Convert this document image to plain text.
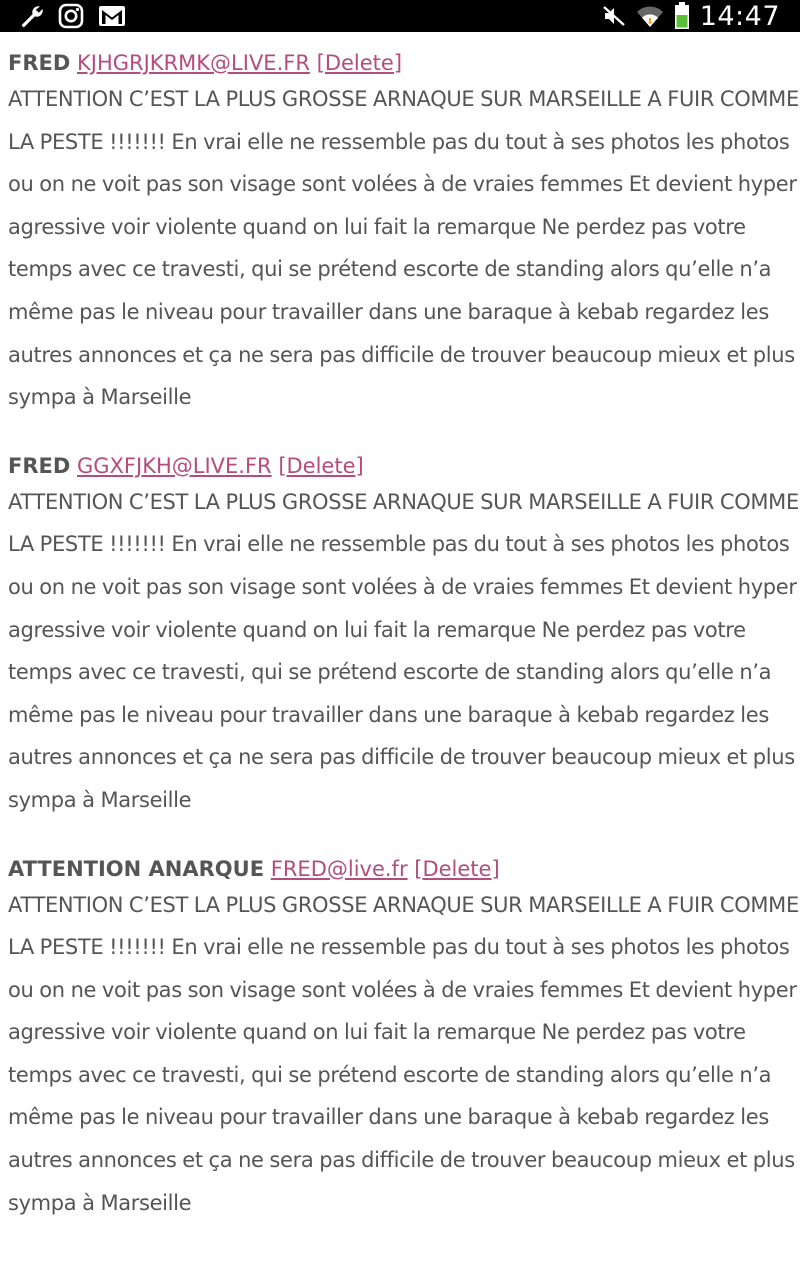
14:47
FRED KJHGRJKRMK@LIVE.FR [Delete]
ATTENTION C’EST LA PLUS GROSSE ARNAQUE SUR MARSEILLE A FUIR COMME LA PESTE !!!!!!! En vrai elle ne ressemble pas du tout à ses photos les photos ou on ne voit pas son visage sont volées à de vraies femmes Et devient hyper agressive voir violente quand on lui fait la remarque Ne perdez pas votre temps avec ce travesti, qui se prétend escorte de standing alors qu’elle n’a même pas le niveau pour travailler dans une baraque à kebab regardez les autres annonces et ça ne sera pas difficile de trouver beaucoup mieux et plus sympa à Marseille
FRED GGXFJKH@LIVE.FR [Delete]
ATTENTION C’EST LA PLUS GROSSE ARNAQUE SUR MARSEILLE A FUIR COMME LA PESTE !!!!!!! En vrai elle ne ressemble pas du tout à ses photos les photos ou on ne voit pas son visage sont volées à de vraies femmes Et devient hyper agressive voir violente quand on lui fait la remarque Ne perdez pas votre temps avec ce travesti, qui se prétend escorte de standing alors qu’elle n’a même pas le niveau pour travailler dans une baraque à kebab regardez les autres annonces et ça ne sera pas difficile de trouver beaucoup mieux et plus sympa à Marseille
ATTENTION ANARQUE FRED@live.fr [Delete]
ATTENTION C’EST LA PLUS GROSSE ARNAQUE SUR MARSEILLE A FUIR COMME LA PESTE !!!!!!! En vrai elle ne ressemble pas du tout à ses photos les photos ou on ne voit pas son visage sont volées à de vraies femmes Et devient hyper agressive voir violente quand on lui fait la remarque Ne perdez pas votre temps avec ce travesti, qui se prétend escorte de standing alors qu’elle n’a même pas le niveau pour travailler dans une baraque à kebab regardez les autres annonces et ça ne sera pas difficile de trouver beaucoup mieux et plus sympa à Marseille
